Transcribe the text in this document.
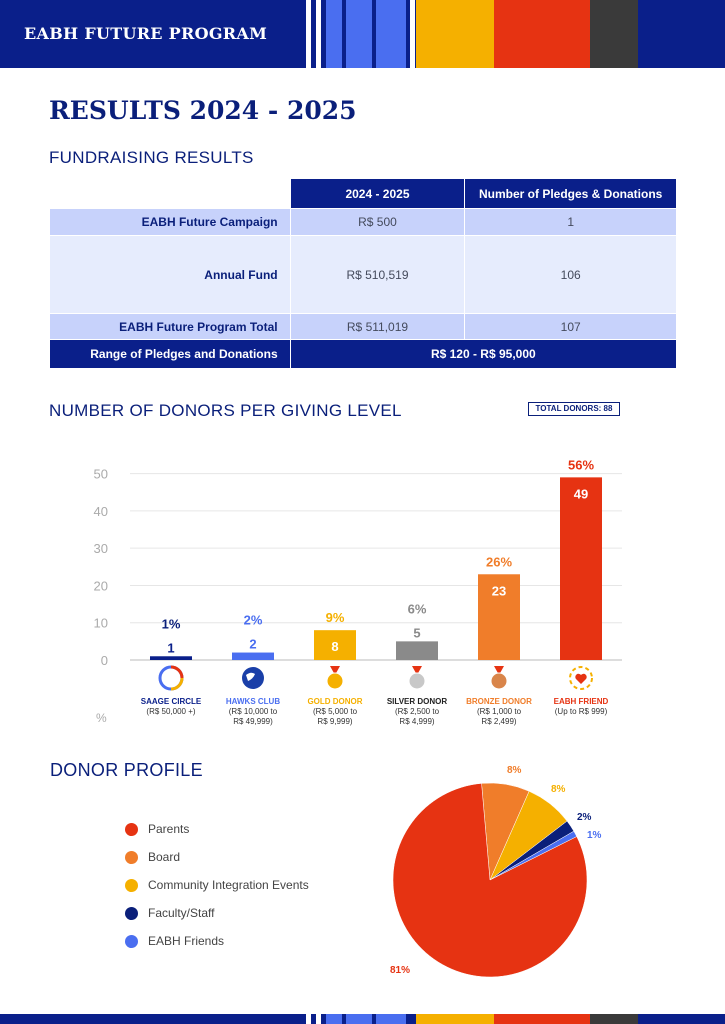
EABH FUTURE PROGRAM
RESULTS 2024 - 2025
FUNDRAISING RESULTS
	2024 - 2025	Number of Pledges & Donations
EABH Future Campaign	R$ 500	1
Annual Fund	R$ 510,519	106
EABH Future Program Total	R$ 511,019	107
Range of Pledges and Donations	R$ 120 - R$ 95,000	
NUMBER OF DONORS PER GIVING LEVEL	TOTAL DONORS: 88
0
10
20
30
40
50
1
1%
2
2%
8
9%
5
6%
23
26%
49
56%
SAAGE CIRCLE
(R$ 50,000 +)
HAWKS CLUB
(R$ 10,000 to
R$ 49,999)
GOLD DONOR
(R$ 5,000 to
R$ 9,999)
SILVER DONOR
(R$ 2,500 to
R$ 4,999)
BRONZE DONOR
(R$ 1,000 to
R$ 2,499)
EABH FRIEND
(Up to R$ 999)
%
DONOR PROFILE
Parents
Board
Community Integration Events
Faculty/Staff
EABH Friends
8%
8%
2%
1%
81%
